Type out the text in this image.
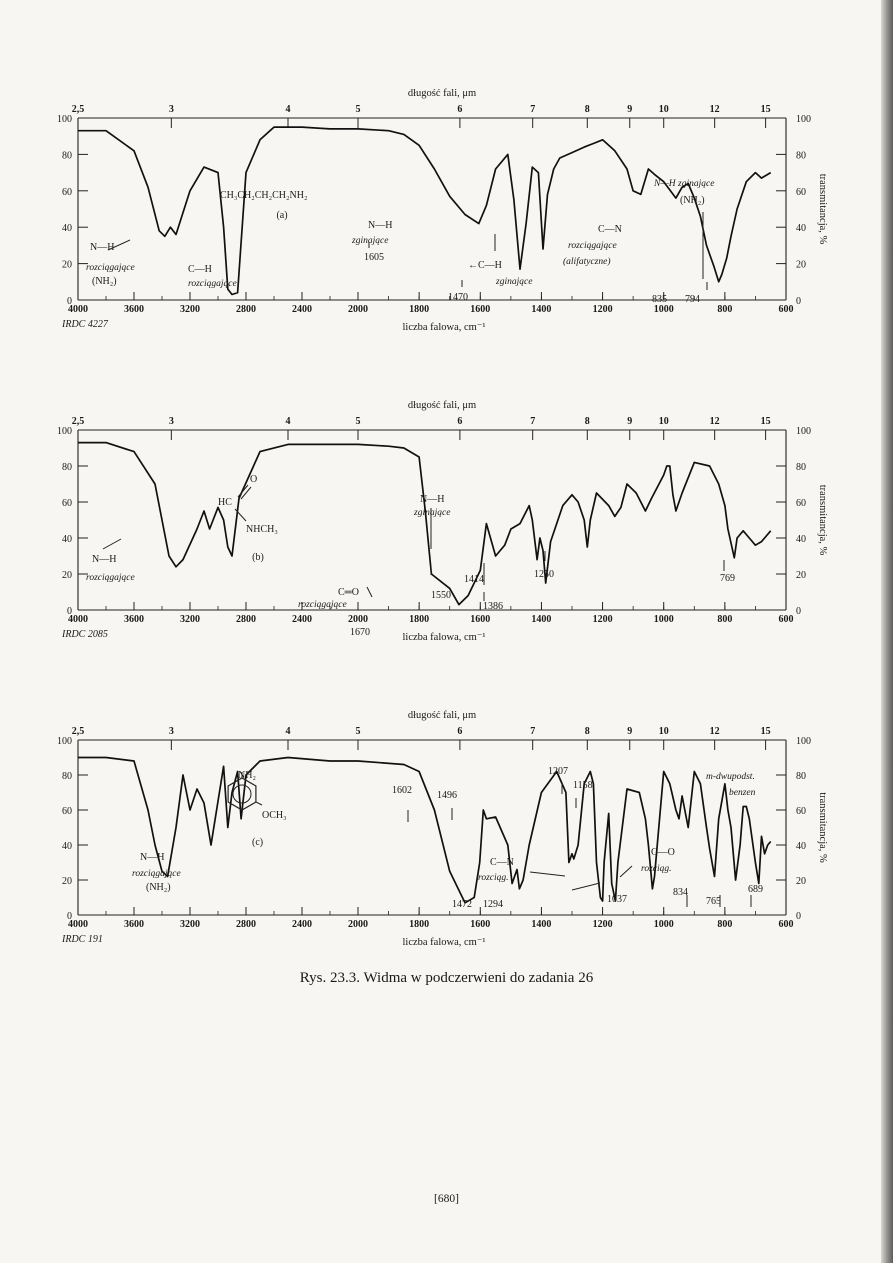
4000	3600	3200	2800	2400	2000	1800	1600	1400	1200	1000	800	600
liczba falowa, cm⁻¹
IRDC 4227
2,5	3	4	5	6	7	8	9	10	12	15
długość fali, μm
0	0
20	20
40	40
60	60
80	80
100	100
transmitancja, %
CH₃CH₂CH₂CH₂NH₂
(a)
N—H
rozciągające
(NH₂)
C—H
rozciągające
N—H
zginające
1605
1470
←C—H
zginające
C—N
rozciągające
(alifatyczne)
N—H zginające
(NH₂)
835 794
4000	3600	3200	2800	2400	2000	1800	1600	1400	1200	1000	800	600
liczba falowa, cm⁻¹
IRDC 2085
2,5	3	4	5	6	7	8	9	10	12	15
długość fali, μm
0	0
20	20
40	40
60	60
80	80
100	100
transmitancja, %
(b)
N—H
rozciągające
O
HC
NHCH₃
C═O
rozciągające
1670
N—H
zginające
1550
1414
1386
1250	769
4000	3600	3200	2800	2400	2000	1800	1600	1400	1200	1000	800	600
liczba falowa, cm⁻¹
IRDC 191
2,5	3	4	5	6	7	8	9	10	12	15
długość fali, μm
0	0
20	20
40	40
60	60
80	80
100	100
transmitancja, %
NH₂
OCH₃
(c)
N—H
rozciągające
(NH₂)
1602	1496
1472 1294
C—N
rozciąg.
1207
1158
1037
C—O
rozciąg.
834
765
689
m-dwupodst.
benzen
Rys. 23.3. Widma w podczerwieni do zadania 26
[680]
